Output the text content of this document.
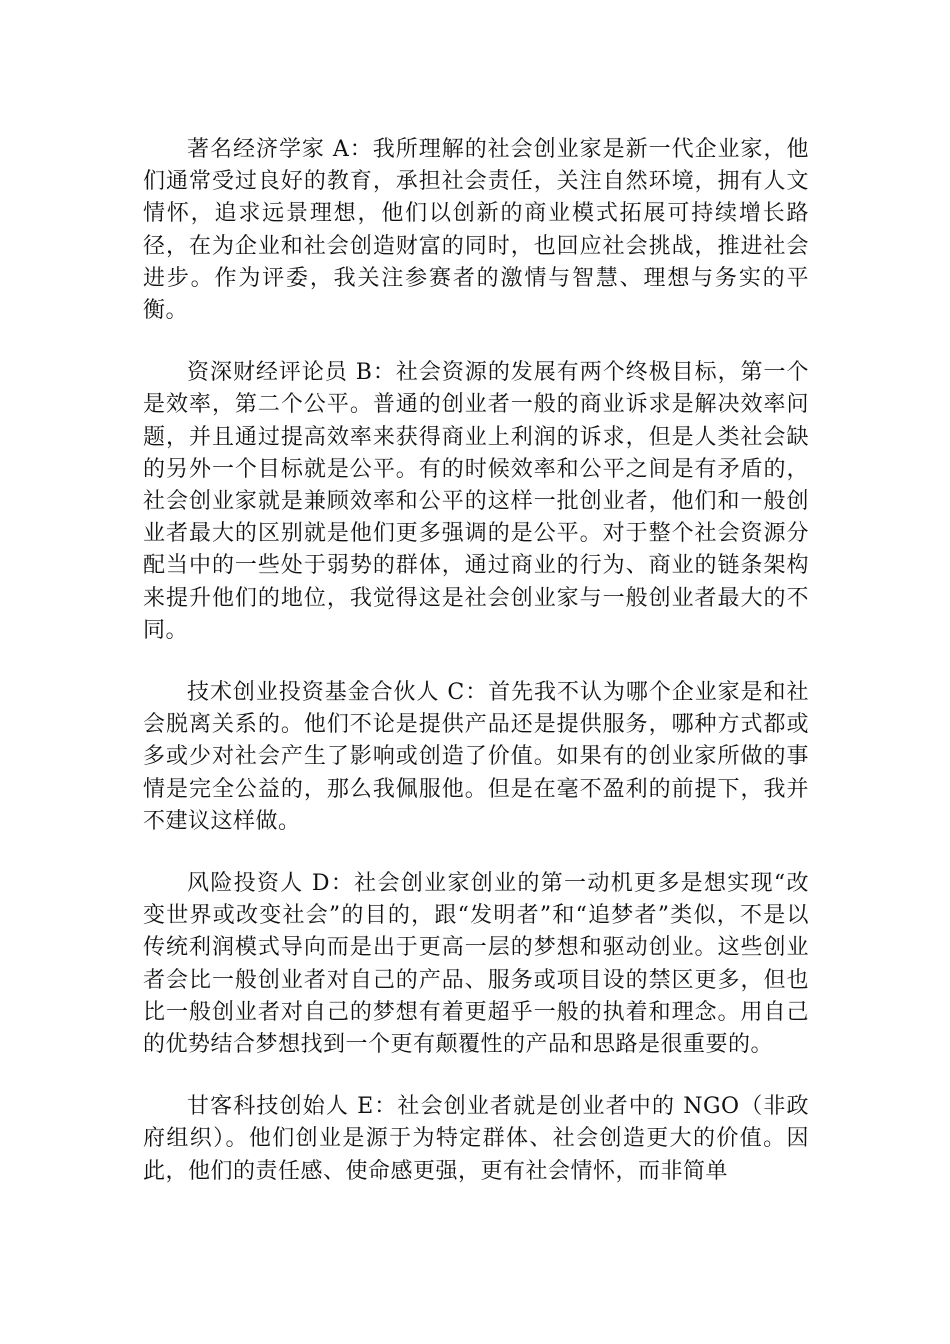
著名经济学家 A：我所理解的社会创业家是新一代企业家，他们通常受过良好的教育，承担社会责任，关注自然环境，拥有人文情怀，追求远景理想，他们以创新的商业模式拓展可持续增长路径，在为企业和社会创造财富的同时，也回应社会挑战，推进社会进步。作为评委，我关注参赛者的激情与智慧、理想与务实的平衡。

资深财经评论员 B：社会资源的发展有两个终极目标，第一个是效率，第二个公平。普通的创业者一般的商业诉求是解决效率问题，并且通过提高效率来获得商业上利润的诉求，但是人类社会缺的另外一个目标就是公平。有的时候效率和公平之间是有矛盾的，社会创业家就是兼顾效率和公平的这样一批创业者，他们和一般创业者最大的区别就是他们更多强调的是公平。对于整个社会资源分配当中的一些处于弱势的群体，通过商业的行为、商业的链条架构来提升他们的地位，我觉得这是社会创业家与一般创业者最大的不同。

技术创业投资基金合伙人 C：首先我不认为哪个企业家是和社会脱离关系的。他们不论是提供产品还是提供服务，哪种方式都或多或少对社会产生了影响或创造了价值。如果有的创业家所做的事情是完全公益的，那么我佩服他。但是在毫不盈利的前提下，我并不建议这样做。

风险投资人 D：社会创业家创业的第一动机更多是想实现“改变世界或改变社会”的目的，跟“发明者”和“追梦者”类似，不是以传统利润模式导向而是出于更高一层的梦想和驱动创业。这些创业者会比一般创业者对自己的产品、服务或项目设的禁区更多，但也比一般创业者对自己的梦想有着更超乎一般的执着和理念。用自己的优势结合梦想找到一个更有颠覆性的产品和思路是很重要的。

甘客科技创始人 E：社会创业者就是创业者中的 NGO（非政府组织）。他们创业是源于为特定群体、社会创造更大的价值。因此，他们的责任感、使命感更强，更有社会情怀，而非简单
